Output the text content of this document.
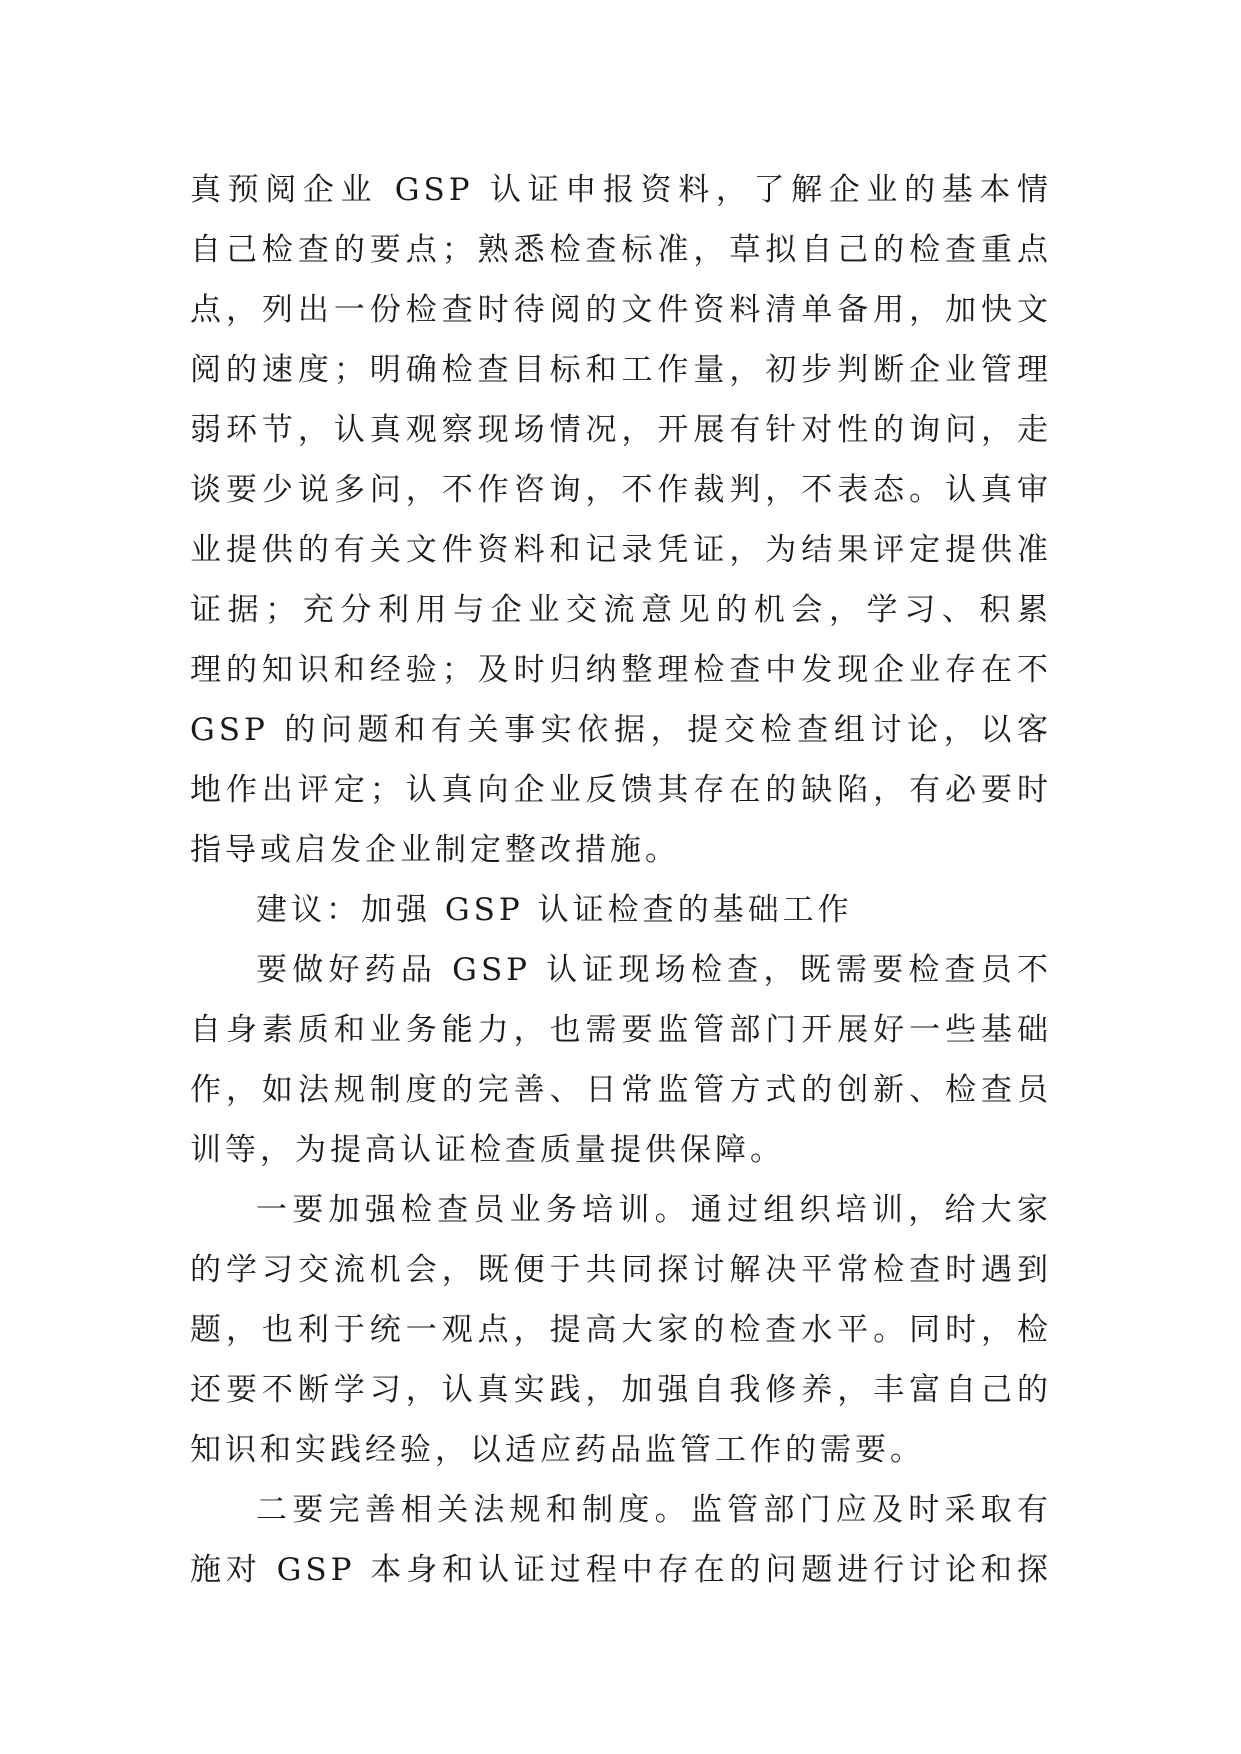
真预阅企业 GSP 认证申报资料，了解企业的基本情
自己检查的要点；熟悉检查标准，草拟自己的检查重点
点，列出一份检查时待阅的文件资料清单备用，加快文
阅的速度；明确检查目标和工作量，初步判断企业管理
弱环节，认真观察现场情况，开展有针对性的询问，走
谈要少说多问，不作咨询，不作裁判，不表态。认真审
业提供的有关文件资料和记录凭证，为结果评定提供准
证据；充分利用与企业交流意见的机会，学习、积累
理的知识和经验；及时归纳整理检查中发现企业存在不
GSP 的问题和有关事实依据，提交检查组讨论，以客
地作出评定；认真向企业反馈其存在的缺陷，有必要时
指导或启发企业制定整改措施。
建议：加强 GSP 认证检查的基础工作
要做好药品 GSP 认证现场检查，既需要检查员不
自身素质和业务能力，也需要监管部门开展好一些基础
作，如法规制度的完善、日常监管方式的创新、检查员
训等，为提高认证检查质量提供保障。
一要加强检查员业务培训。通过组织培训，给大家
的学习交流机会，既便于共同探讨解决平常检查时遇到
题，也利于统一观点，提高大家的检查水平。同时，检
还要不断学习，认真实践，加强自我修养，丰富自己的
知识和实践经验，以适应药品监管工作的需要。
二要完善相关法规和制度。监管部门应及时采取有
施对 GSP 本身和认证过程中存在的问题进行讨论和探
